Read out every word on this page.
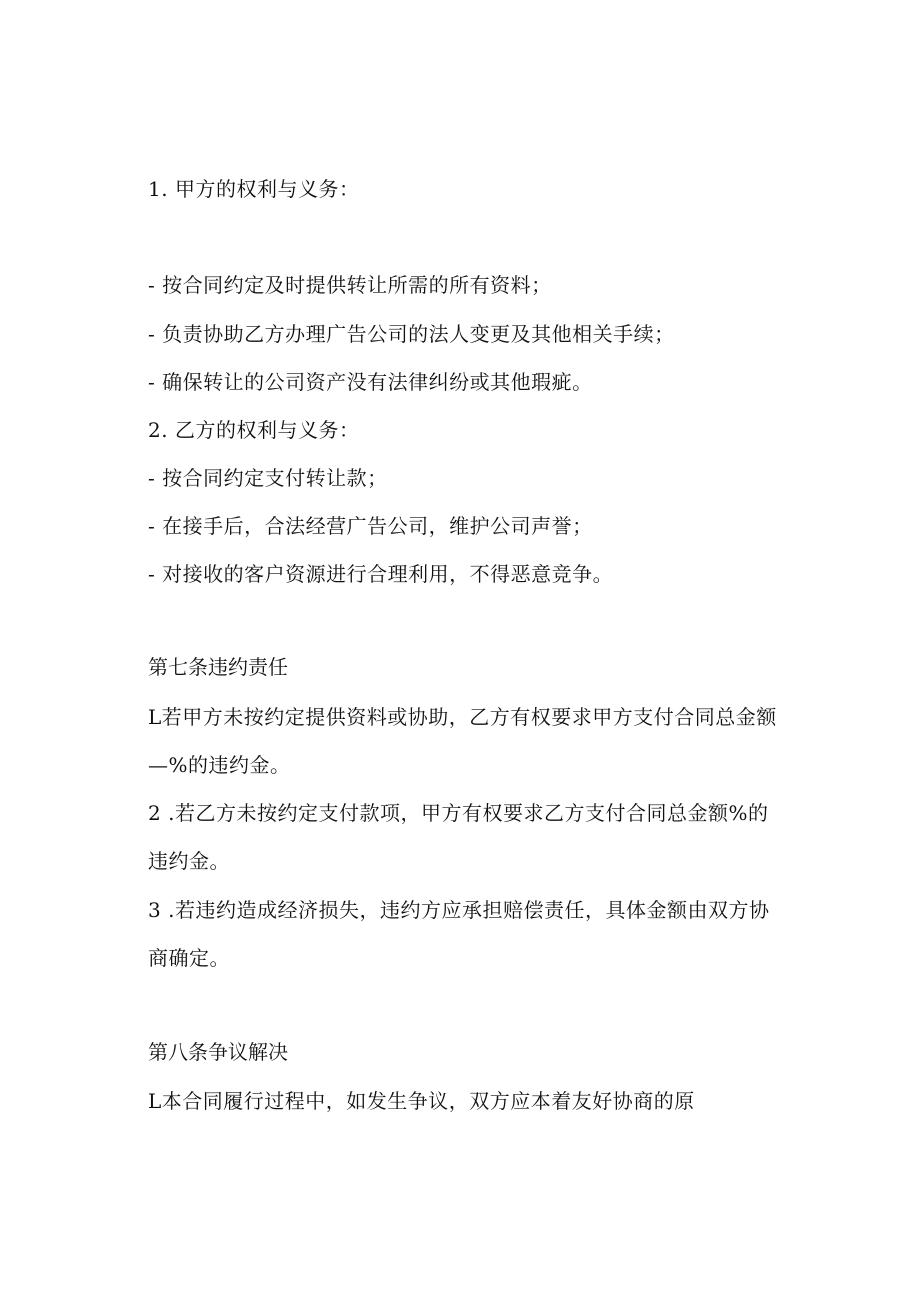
1. 甲方的权利与义务：
- 按合同约定及时提供转让所需的所有资料；
- 负责协助乙方办理广告公司的法人变更及其他相关手续；
- 确保转让的公司资产没有法律纠纷或其他瑕疵。
2. 乙方的权利与义务：
- 按合同约定支付转让款；
- 在接手后，合法经营广告公司，维护公司声誉；
- 对接收的客户资源进行合理利用，不得恶意竞争。
第七条违约责任
L若甲方未按约定提供资料或协助，乙方有权要求甲方支付合同总金额
—%的违约金。
2 .若乙方未按约定支付款项，甲方有权要求乙方支付合同总金额%的
违约金。
3 .若违约造成经济损失，违约方应承担赔偿责任，具体金额由双方协
商确定。
第八条争议解决
L本合同履行过程中，如发生争议，双方应本着友好协商的原
